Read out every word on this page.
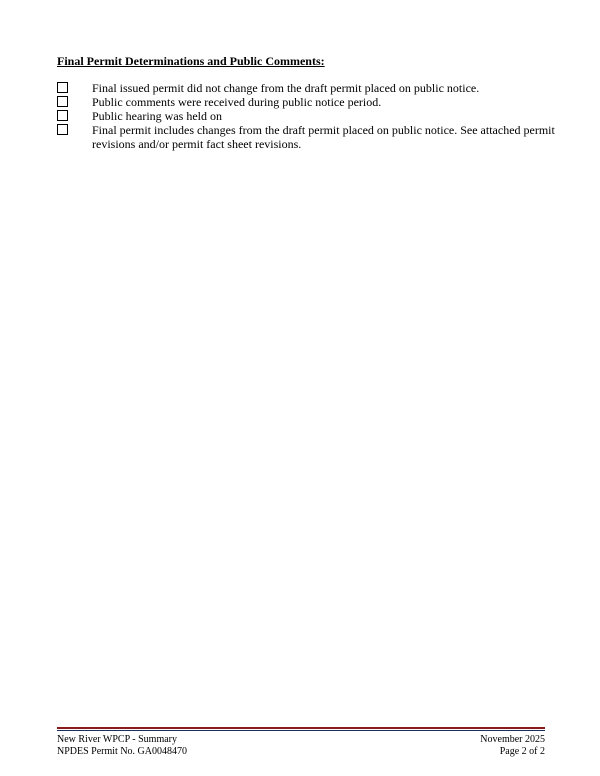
Final Permit Determinations and Public Comments:
Final issued permit did not change from the draft permit placed on public notice.
Public comments were received during public notice period.
Public hearing was held on
Final permit includes changes from the draft permit placed on public notice. See attached permit revisions and/or permit fact sheet revisions.
New River WPCP - Summary
NPDES Permit No. GA0048470
November 2025
Page 2 of 2
